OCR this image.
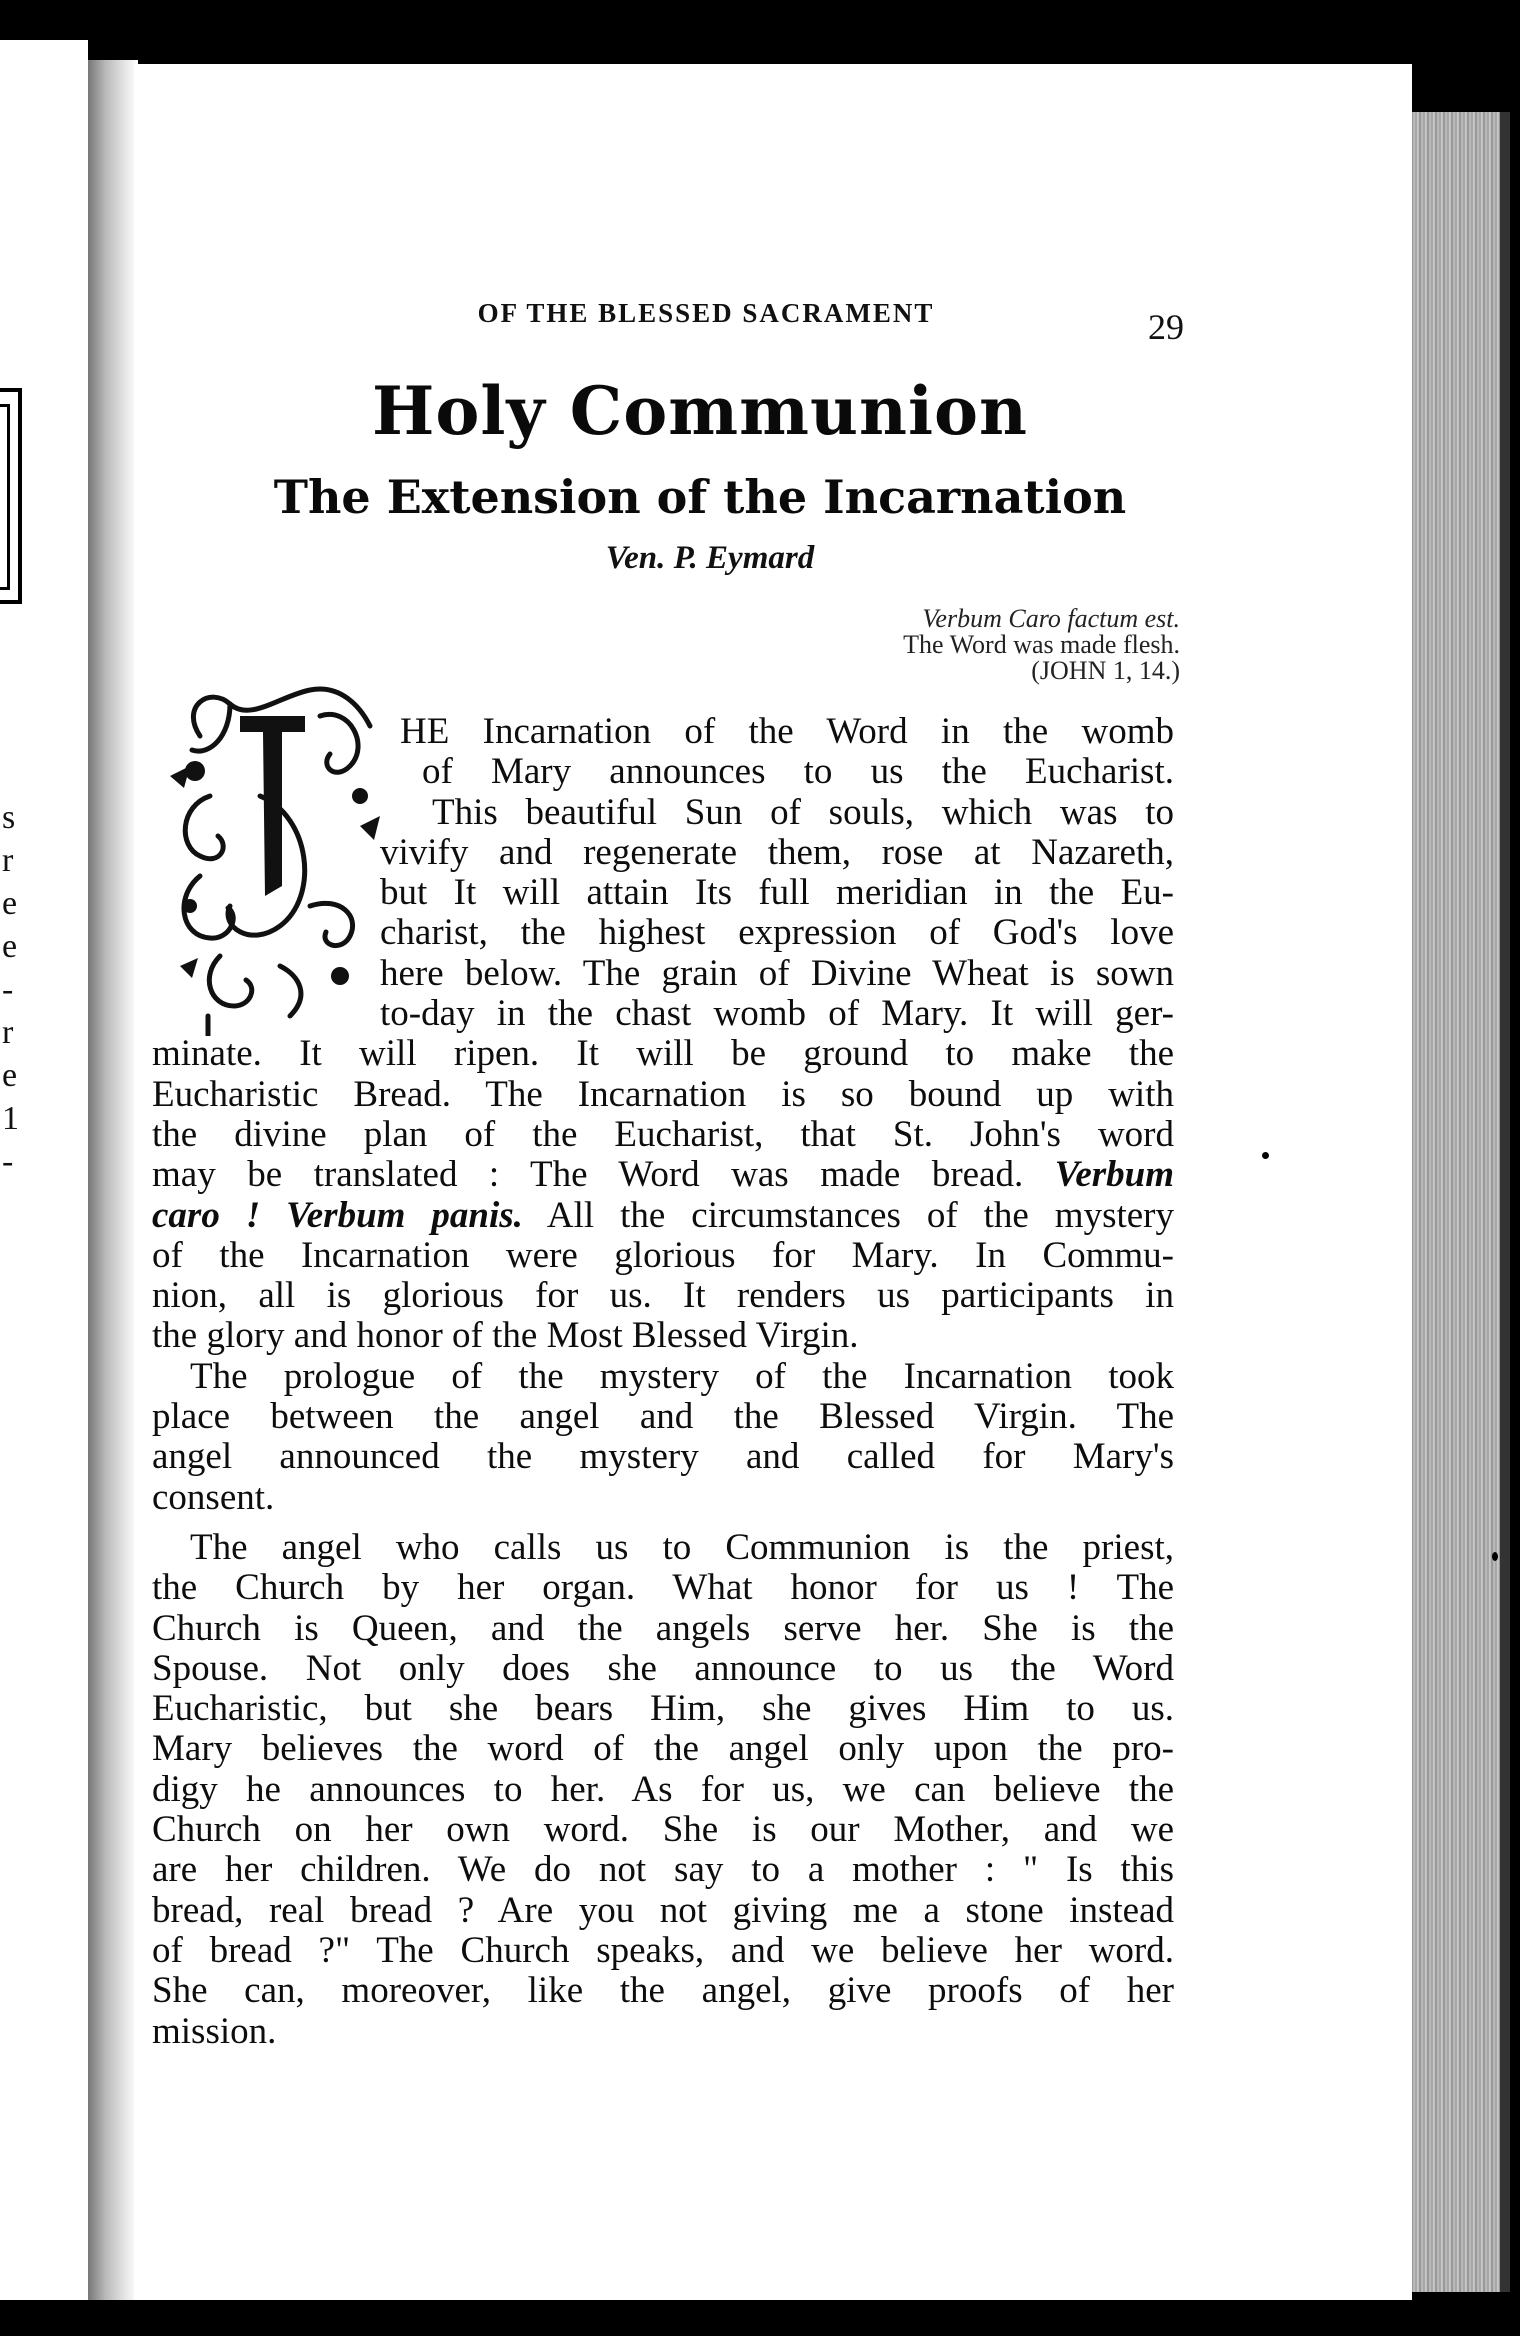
s
r
e
e
-
r
e
1
-
OF THE BLESSED SACRAMENT	29
Holy Communion
The Extension of the Incarnation
Ven. P. Eymard
Verbum Caro factum est.
The Word was made flesh.
(JOHN 1, 14.)
HE Incarnation of the Word in the womb
of Mary announces to us the Eucharist.
This beautiful Sun of souls, which was to
vivify and regenerate them, rose at Nazareth,
but It will attain Its full meridian in the Eu-
charist, the highest expression of God's love
here below. The grain of Divine Wheat is sown
to-day in the chast womb of Mary. It will ger-
minate. It will ripen. It will be ground to make the
Eucharistic Bread. The Incarnation is so bound up with
the divine plan of the Eucharist, that St. John's word
may be translated : The Word was made bread. Verbum
caro ! Verbum panis. All the circumstances of the mystery
of the Incarnation were glorious for Mary. In Commu-
nion, all is glorious for us. It renders us participants in
the glory and honor of the Most Blessed Virgin.
The prologue of the mystery of the Incarnation took
place between the angel and the Blessed Virgin. The
angel announced the mystery and called for Mary's
consent.
The angel who calls us to Communion is the priest,
the Church by her organ. What honor for us ! The
Church is Queen, and the angels serve her. She is the
Spouse. Not only does she announce to us the Word
Eucharistic, but she bears Him, she gives Him to us.
Mary believes the word of the angel only upon the pro-
digy he announces to her. As for us, we can believe the
Church on her own word. She is our Mother, and we
are her children. We do not say to a mother : " Is this
bread, real bread ? Are you not giving me a stone instead
of bread ?" The Church speaks, and we believe her word.
She can, moreover, like the angel, give proofs of her
mission.
